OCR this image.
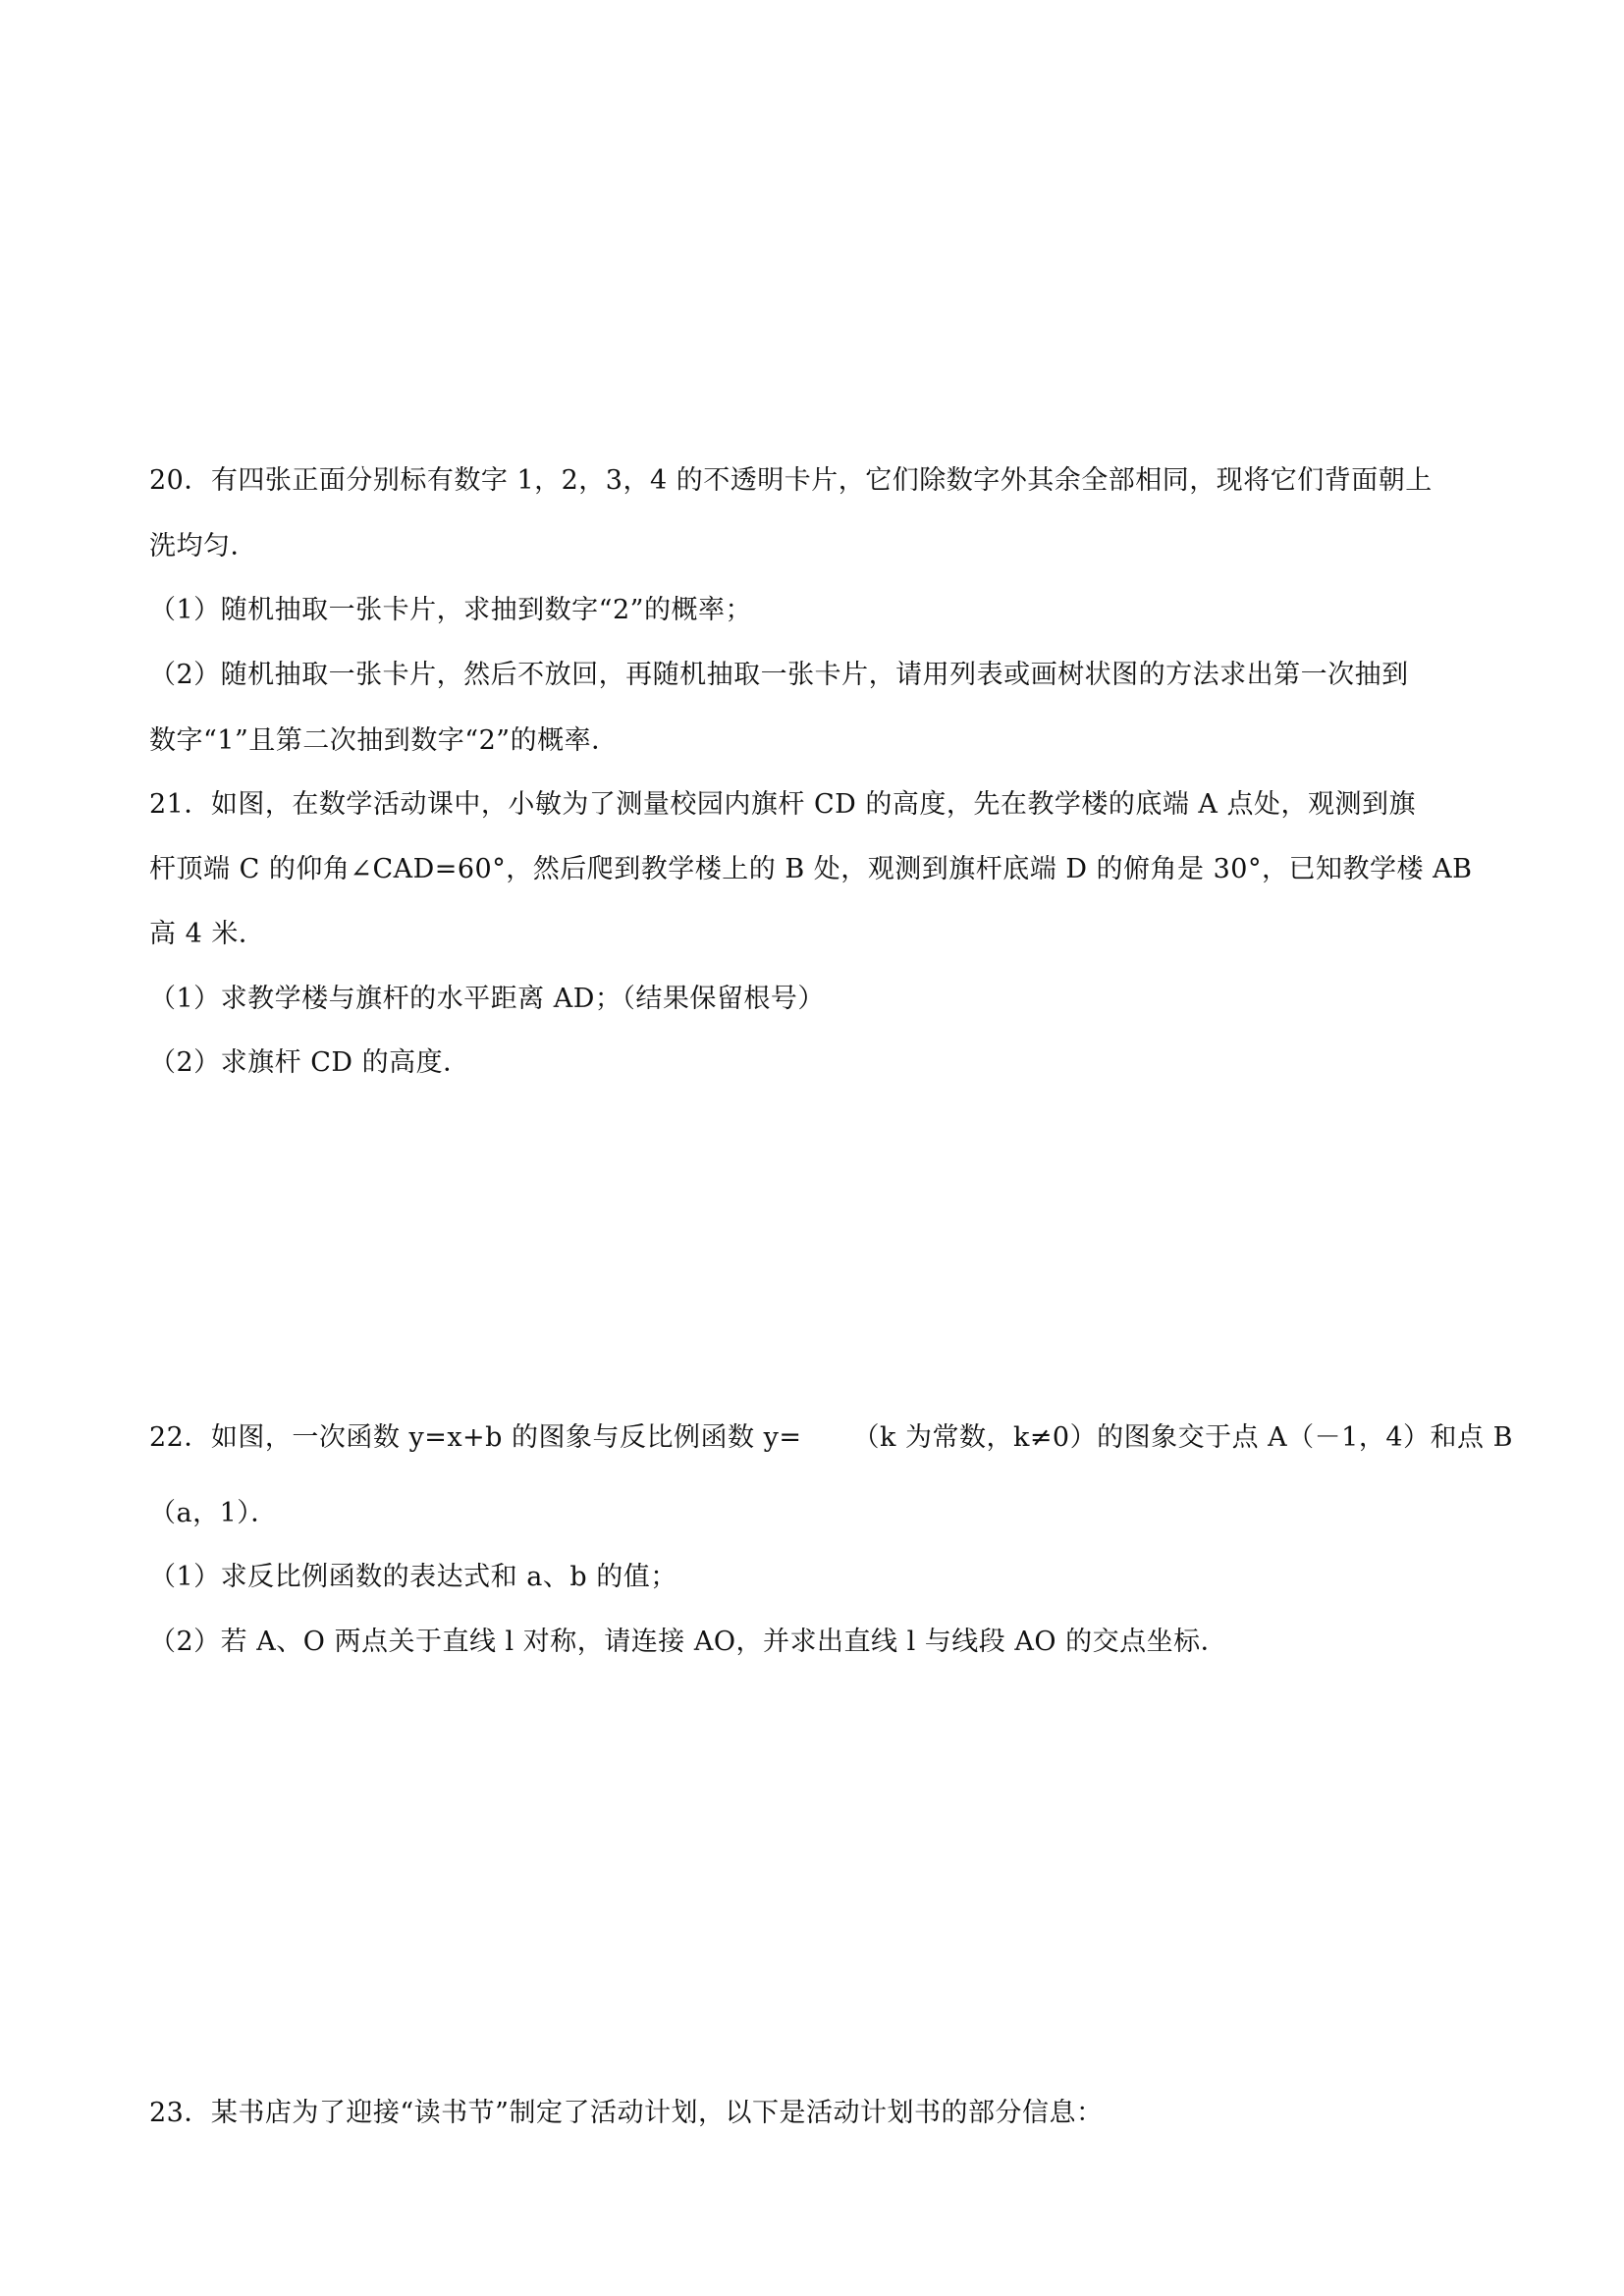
20．有四张正面分别标有数字 1，2，3，4 的不透明卡片，它们除数字外其余全部相同，现将它们背面朝上
洗均匀．
（1）随机抽取一张卡片，求抽到数字“2”的概率；
（2）随机抽取一张卡片，然后不放回，再随机抽取一张卡片，请用列表或画树状图的方法求出第一次抽到
数字“1”且第二次抽到数字“2”的概率．
21．如图，在数学活动课中，小敏为了测量校园内旗杆 CD 的高度，先在教学楼的底端 A 点处，观测到旗
杆顶端 C 的仰角∠CAD=60°，然后爬到教学楼上的 B 处，观测到旗杆底端 D 的俯角是 30°，已知教学楼 AB
高 4 米．
（1）求教学楼与旗杆的水平距离 AD；（结果保留根号）
（2）求旗杆 CD 的高度．
22．如图，一次函数 y=x+b 的图象与反比例函数 y= （k 为常数，k≠0）的图象交于点 A（－1，4）和点 B
（a，1）．
（1）求反比例函数的表达式和 a、b 的值；
（2）若 A、O 两点关于直线 l 对称，请连接 AO，并求出直线 l 与线段 AO 的交点坐标．
23．某书店为了迎接“读书节”制定了活动计划，以下是活动计划书的部分信息：
